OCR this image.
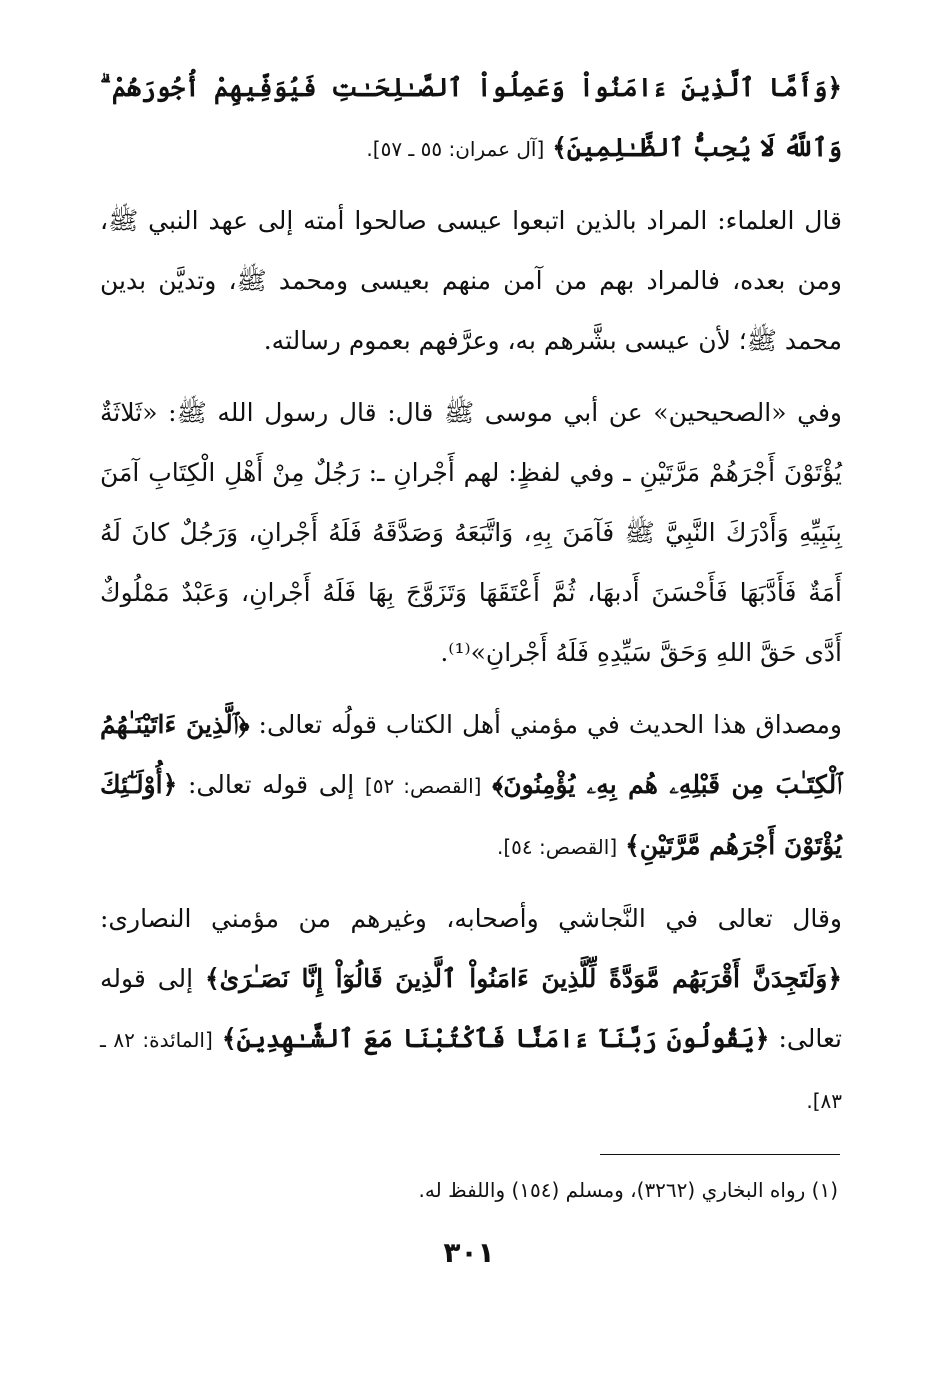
﴿وَأَمَّا ٱلَّذِينَ ءَامَنُواْ وَعَمِلُواْ ٱلصَّـٰلِحَـٰتِ فَيُوَفِّيهِمْ أُجُورَهُمْ ۗ وَٱللَّهُ لَا يُحِبُّ ٱلظَّـٰلِمِينَ﴾ [آل عمران: ٥٥ ـ ٥٧].

قال العلماء: المراد بالذين اتبعوا عيسى صالحوا أمته إلى عهد النبي ﷺ، ومن بعده، فالمراد بهم من آمن منهم بعيسى ومحمد ﷺ، وتديَّن بدين محمد ﷺ؛ لأن عيسى بشَّرهم به، وعرَّفهم بعموم رسالته.

وفي «الصحيحين» عن أبي موسى ﷺ قال: قال رسول الله ﷺ: «ثَلاثَةٌ يُؤْتَوْنَ أَجْرَهُمْ مَرَّتَيْنِ ـ وفي لفظٍ: لهم أَجْرانِ ـ: رَجُلٌ مِنْ أَهْلِ الْكِتَابِ آمَنَ بِنَبِيِّهِ وَأَدْرَكَ النَّبِيَّ ﷺ فَآمَنَ بِهِ، وَاتَّبَعَهُ وَصَدَّقَهُ فَلَهُ أَجْرانِ، وَرَجُلٌ كانَ لَهُ أَمَةٌ فَأَدَّبَهَا فَأَحْسَنَ أَدبهَا، ثُمَّ أَعْتَقَهَا وَتَزَوَّجَ بِهَا فَلَهُ أَجْرانِ، وَعَبْدٌ مَمْلُوكٌ أَدَّى حَقَّ اللهِ وَحَقَّ سَيِّدِهِ فَلَهُ أَجْرانِ»⁽¹⁾.

ومصداق هذا الحديث في مؤمني أهل الكتاب قولُه تعالى: ﴿ٱلَّذِينَ ءَاتَيْنَـٰهُمُ ٱلْكِتَـٰبَ مِن قَبْلِهِۦ هُم بِهِۦ يُؤْمِنُونَ﴾ [القصص: ٥٢] إلى قوله تعالى: ﴿أُوْلَـٰٓئِكَ يُؤْتَوْنَ أَجْرَهُم مَّرَّتَيْنِ﴾ [القصص: ٥٤].

وقال تعالى في النَّجاشي وأصحابه، وغيرهم من مؤمني النصارى: ﴿وَلَتَجِدَنَّ أَقْرَبَهُم مَّوَدَّةً لِّلَّذِينَ ءَامَنُواْ ٱلَّذِينَ قَالُوٓاْ إِنَّا نَصَـٰرَىٰ﴾ إلى قوله تعالى: ﴿يَقُولُونَ رَبَّنَآ ءَامَنَّا فَٱكْتُبْنَا مَعَ ٱلشَّـٰهِدِينَ﴾ [المائدة: ٨٢ ـ ٨٣].

(١) رواه البخاري (٣٢٦٢)، ومسلم (١٥٤) واللفظ له.
٣٠١
